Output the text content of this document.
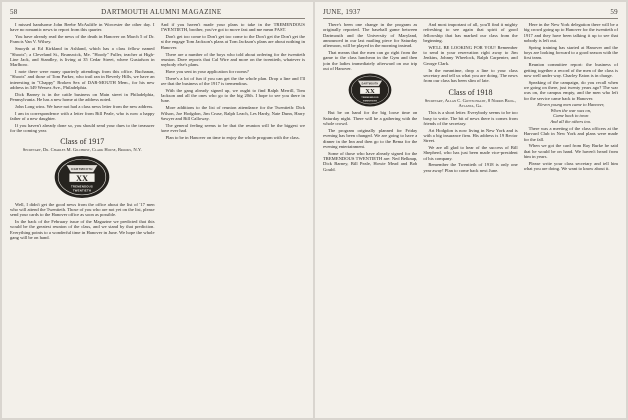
58	DARTMOUTH ALUMNI MAGAZINE

I missed handsome John Beebe McAuliffe in Worcester the other day. I have no romantic news to report from this quarter.

You have already read the news of the death in Hanover on March 5 of Dr. Francis Van V. Wilsey.

Smoyth at Ed Kirkland in Ashland, which has a class fellow named "Shoots"; a Cleveland St., Brunswick, Me. "Hoody" Fuller, teacher at High-Line Jack, and Standley, is living at 35 Cedar Street, where Gustafson in Marlboro.

I note there were many quarterly attendings from this office. Buchanan, "Shoots" and those of Tom Parker, who trail ran in Beverly Hills, we have an interesting in "Chappy" Broken Sex of DAR-MOUTH Mem., for his new address in 349 Wessex Ave., Philadelphia.

Dick Barney is in the cattle business on Main street in Philadelphia, Pennsylvania. He has a new home at the address noted.

John Long wins. We have not had a class news letter from the new address.

I am in correspondence with a letter from Bill Peale, who is now a happy father of a new daughter.

If you haven't already done so, you should send your dues to the treasurer for the coming year.

Class of 1917
Secretary, Dr. Charles M. Gilchrist, Clark House, Brooks, N.Y.

Well, I didn't get the good news from the office about the list of '17 men who will attend the Twentieth. Those of you who are not yet on the list, please send your cards to the Hanover office as soon as possible.

In the back of the February issue of the Magazine we predicted that this would be the greatest reunion of the class, and we stand by that prediction. Everything points to a wonderful time in Hanover in June. We hope the whole gang will be on hand.

And if you haven't made your plans to take in the TREMENDOUS TWENTIETH, brother, you've got to move fast and me mean FAST.

Don't get too come to Don't get too come to the Don't get the Don't get the at the engage Tom Jackson's plans at Tom Jackson's plans are about nothing in Hanover.

There are a number of the boys who told about ordering for the twentieth reunion. Dave reports that Cal Wire and more on the twentieth, whatever is anybody else's plans.

Have you sent in your application for rooms?

There's a lot of fun if you can get the the whole plan. Drop a line and I'll see that the business of the 1917 is tremendous.

With the gang already signed up, we ought to find Ralph Merrill, Tom Jackson and all the ones who go to the big 20th. I hope to see you there in June.

More additions to the list of reunion attendance for the Twentieth: Dick Wilson, Joe Hodgdon, Jim Cruse, Ralph Leach, Les Hardy, Nate Dunn, Harry Sawyer and Bill Calloway.

The general feeling seems to be that the reunion will be the biggest we have ever had.

Plan to be in Hanover on time to enjoy the whole program with the class.

JUNE, 1937	59

There's been one change in the program as originally reported. The baseball game between Dartmouth and the University of Maryland, announced in our last mailing piece for Saturday afternoon, will be played in the morning instead.

That means that the men can go right from the game to the class luncheon in the Gym and then join the ladies immediately afterward on our trip out of Hanover.

But be on hand for the big loose time on Saturday night. There will be a gathering with the whole crowd.

The program originally planned for Friday evening has been changed. We are going to have a dinner in the Inn and then go to the Bema for the evening entertainment.

Some of those who have already signed for the TREMENDOUS TWENTIETH are: Ned Belknap, Dick Barney, Bill Peale, Howie Mead and Bob Gould.

And most important of all, you'll find it mighty refreshing to see again that spirit of good fellowship that has marked our class from the beginning.

WE'LL BE LOOKING FOR YOU! Remember to send in your reservation right away to Jim Jenkins, Johnny Wheelock, Ralph Carpenter, and George Clark.

In the meantime, drop a line to your class secretary and tell us what you are doing. The news from our class has been slim of late.

Class of 1918
Secretary, Allan C. Gottschaldt, 8 Norris Bldg., Atlanta, Ga.

This is a short letter. Everybody seems to be too busy to write. The bit of news there is comes from friends of the secretary.

Art Hodgdon is now living in New York and is with a big insurance firm. His address is 19 Rector Street.

We are all glad to hear of the success of Bill Shepherd, who has just been made vice-president of his company.

Remember the Twentieth of 1918 is only one year away! Plan to come back next June.

Here in the New York delegation there will be a big crowd going up to Hanover for the twentieth of 1917 and they have been talking it up to see that nobody is left out.

Spring training has started at Hanover and the boys are looking forward to a good season with the first team.

Reunion committee report: the business of getting together a record of the men of the class is now well under way. Charley Eaton is in charge.

Speaking of the campaign, do you recall when we going on there, just twenty years ago? The war was on, the campus empty, and the men who left for the service came back to Hanover.

Eleven young men came to Hanover,
When the war was on,
Came back to town
And all the others too.

There was a meeting of the class officers at the Harvard Club in New York and plans were made for the fall.

When we got the card from Ray Burke he said that he would be on hand. We haven't heard from him in years.

Please write your class secretary and tell him what you are doing. We want to know about it.
